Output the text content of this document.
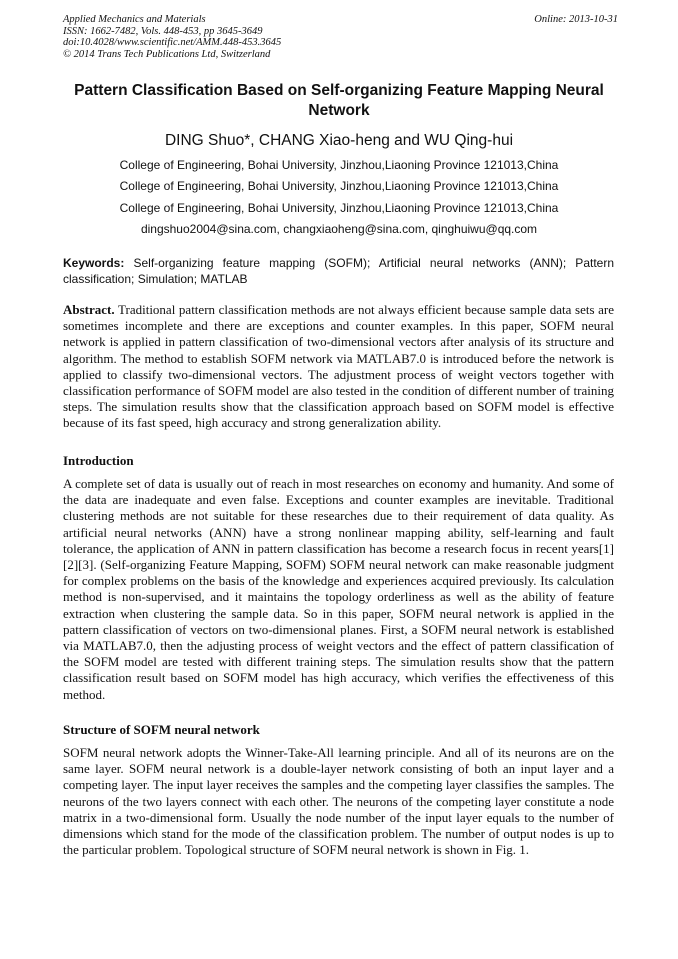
Applied Mechanics and Materials
ISSN: 1662-7482, Vols. 448-453, pp 3645-3649
doi:10.4028/www.scientific.net/AMM.448-453.3645
© 2014 Trans Tech Publications Ltd, Switzerland
Online: 2013-10-31
Pattern Classification Based on Self-organizing Feature Mapping Neural Network
DING Shuo*, CHANG Xiao-heng and WU Qing-hui
College of Engineering, Bohai University, Jinzhou,Liaoning Province 121013,China
College of Engineering, Bohai University, Jinzhou,Liaoning Province 121013,China
College of Engineering, Bohai University, Jinzhou,Liaoning Province 121013,China
dingshuo2004@sina.com, changxiaoheng@sina.com, qinghuiwu@qq.com
Keywords: Self-organizing feature mapping (SOFM); Artificial neural networks (ANN); Pattern classification; Simulation; MATLAB
Abstract. Traditional pattern classification methods are not always efficient because sample data sets are sometimes incomplete and there are exceptions and counter examples. In this paper, SOFM neural network is applied in pattern classification of two-dimensional vectors after analysis of its structure and algorithm. The method to establish SOFM network via MATLAB7.0 is introduced before the network is applied to classify two-dimensional vectors. The adjustment process of weight vectors together with classification performance of SOFM model are also tested in the condition of different number of training steps. The simulation results show that the classification approach based on SOFM model is effective because of its fast speed, high accuracy and strong generalization ability.
Introduction
A complete set of data is usually out of reach in most researches on economy and humanity. And some of the data are inadequate and even false. Exceptions and counter examples are inevitable. Traditional clustering methods are not suitable for these researches due to their requirement of data quality. As artificial neural networks (ANN) have a strong nonlinear mapping ability, self-learning and fault tolerance, the application of ANN in pattern classification has become a research focus in recent years[1] [2][3]. (Self-organizing Feature Mapping, SOFM) SOFM neural network can make reasonable judgment for complex problems on the basis of the knowledge and experiences acquired previously. Its calculation method is non-supervised, and it maintains the topology orderliness as well as the ability of feature extraction when clustering the sample data. So in this paper, SOFM neural network is applied in the pattern classification of vectors on two-dimensional planes. First, a SOFM neural network is established via MATLAB7.0, then the adjusting process of weight vectors and the effect of pattern classification of the SOFM model are tested with different training steps. The simulation results show that the pattern classification result based on SOFM model has high accuracy, which verifies the effectiveness of this method.
Structure of SOFM neural network
SOFM neural network adopts the Winner-Take-All learning principle. And all of its neurons are on the same layer. SOFM neural network is a double-layer network consisting of both an input layer and a competing layer. The input layer receives the samples and the competing layer classifies the samples. The neurons of the two layers connect with each other. The neurons of the competing layer constitute a node matrix in a two-dimensional form. Usually the node number of the input layer equals to the number of dimensions which stand for the mode of the classification problem. The number of output nodes is up to the particular problem. Topological structure of SOFM neural network is shown in Fig. 1.
